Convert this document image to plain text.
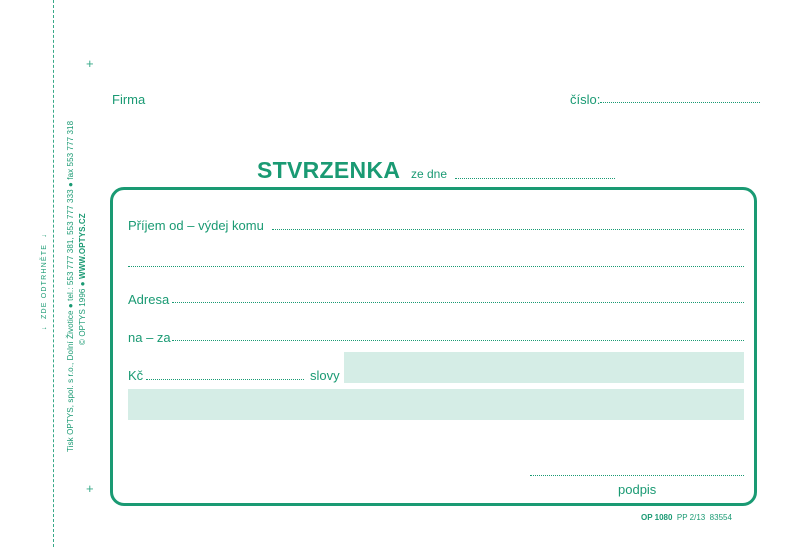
+
+
↓  ZDE ODTRHNĚTE  ↓
Tisk OPTYS, spol. s r.o., Dolní Životice ● tel.: 553 777 381, 553 777 333 ● fax 553 777 318
© OPTYS 1996 ● WWW.OPTYS.CZ
Firma	číslo:
STVRZENKA ze dne
Příjem od – výdej komu
Adresa
na – za
Kč	slovy
podpis
OP 1080 PP 2/13 83554
